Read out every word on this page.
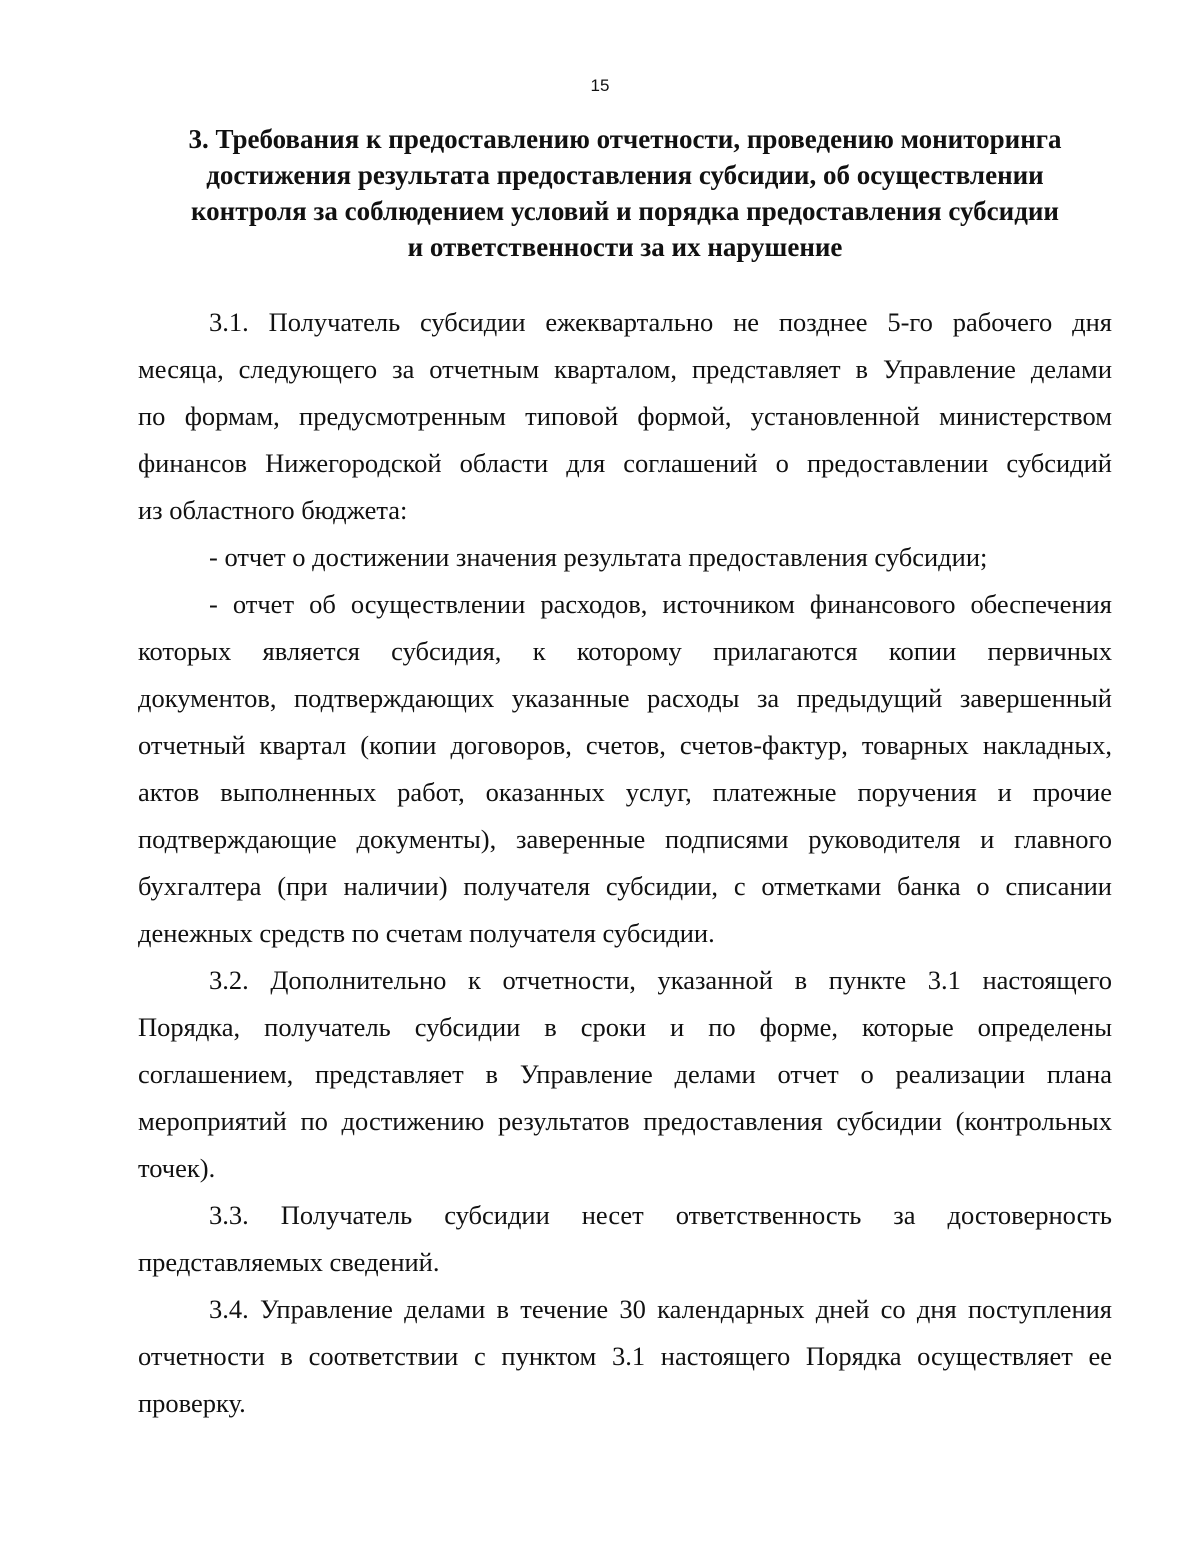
15
3. Требования к предоставлению отчетности, проведению мониторинга
достижения результата предоставления субсидии, об осуществлении
контроля за соблюдением условий и порядка предоставления субсидии
и ответственности за их нарушение
3.1. Получатель субсидии ежеквартально не позднее 5-го рабочего дня
месяца, следующего за отчетным кварталом, представляет в Управление делами
по формам, предусмотренным типовой формой, установленной министерством
финансов Нижегородской области для соглашений о предоставлении субсидий
из областного бюджета:
- отчет о достижении значения результата предоставления субсидии;
- отчет об осуществлении расходов, источником финансового обеспечения
которых является субсидия, к которому прилагаются копии первичных
документов, подтверждающих указанные расходы за предыдущий завершенный
отчетный квартал (копии договоров, счетов, счетов-фактур, товарных накладных,
актов выполненных работ, оказанных услуг, платежные поручения и прочие
подтверждающие документы), заверенные подписями руководителя и главного
бухгалтера (при наличии) получателя субсидии, с отметками банка о списании
денежных средств по счетам получателя субсидии.
3.2. Дополнительно к отчетности, указанной в пункте 3.1 настоящего
Порядка, получатель субсидии в сроки и по форме, которые определены
соглашением, представляет в Управление делами отчет о реализации плана
мероприятий по достижению результатов предоставления субсидии (контрольных
точек).
3.3. Получатель субсидии несет ответственность за достоверность
представляемых сведений.
3.4. Управление делами в течение 30 календарных дней со дня поступления
отчетности в соответствии с пунктом 3.1 настоящего Порядка осуществляет ее
проверку.
